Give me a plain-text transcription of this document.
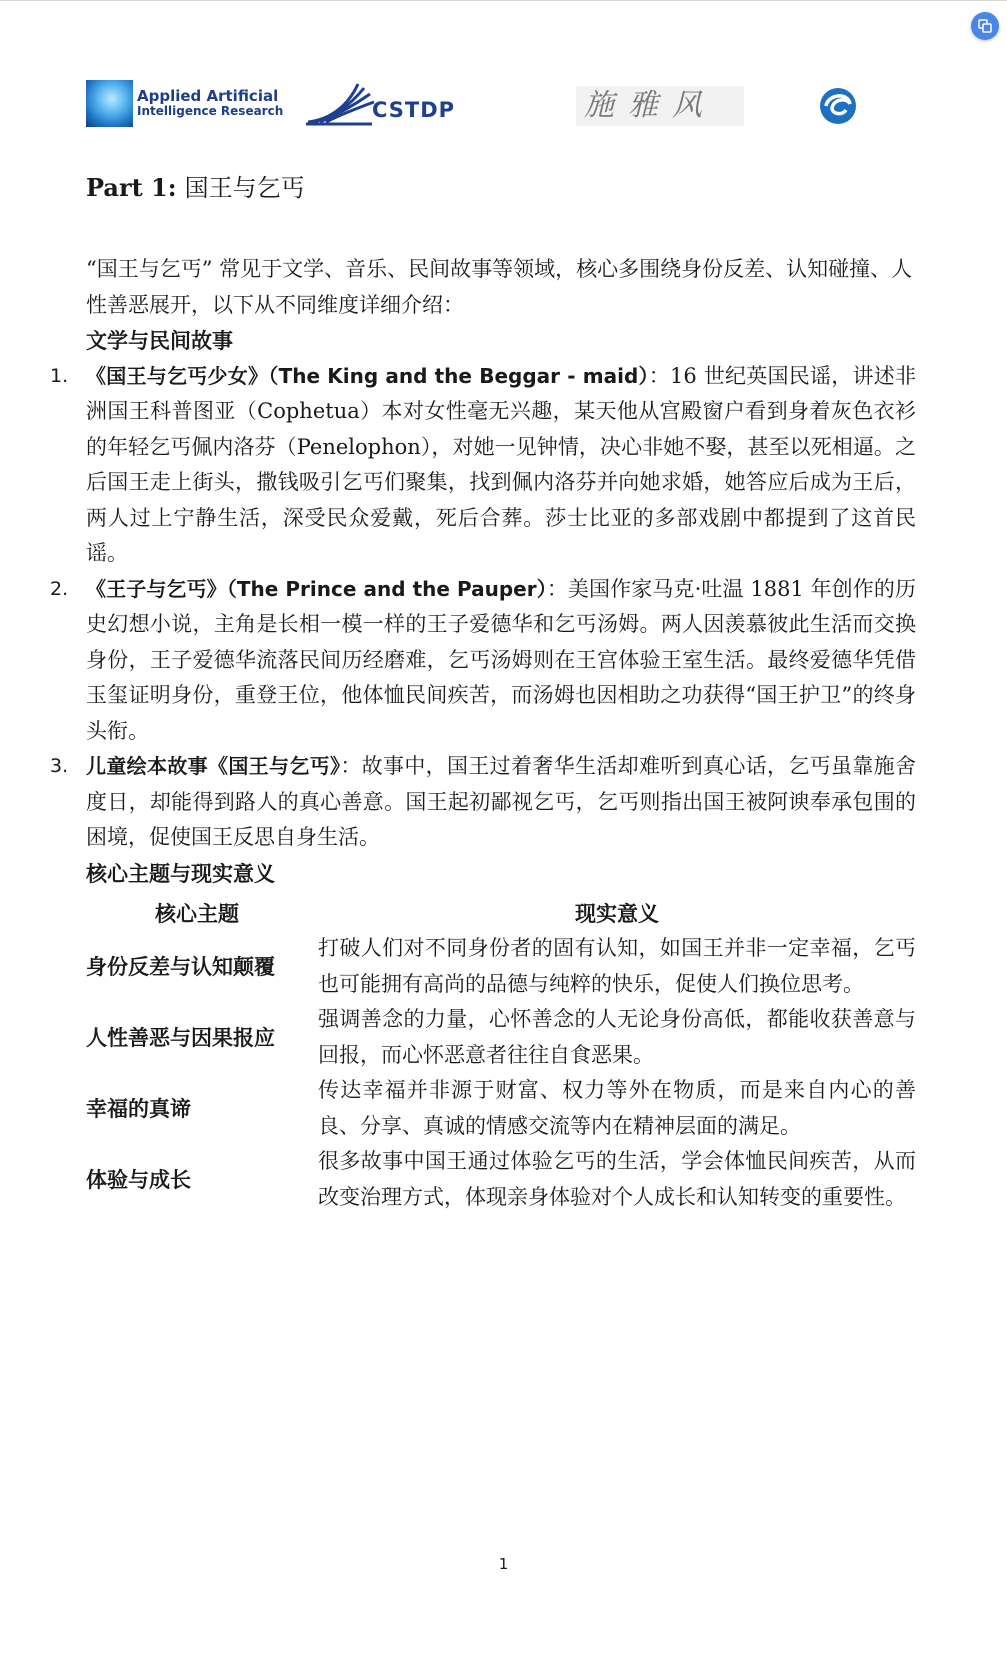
Applied Artificial
Intelligence Research	CSTDP	施雅风
Part 1: 国王与乞丐

“国王与乞丐” 常见于文学、音乐、民间故事等领域，核心多围绕身份反差、认知碰撞、人性善恶展开，以下从不同维度详细介绍：

文学与民间故事

1. 《国王与乞丐少女》（The King and the Beggar - maid）：16 世纪英国民谣，讲述非洲国王科普图亚（Cophetua）本对女性毫无兴趣，某天他从宫殿窗户看到身着灰色衣衫的年轻乞丐佩内洛芬（Penelophon），对她一见钟情，决心非她不娶，甚至以死相逼。之后国王走上街头，撒钱吸引乞丐们聚集，找到佩内洛芬并向她求婚，她答应后成为王后，两人过上宁静生活，深受民众爱戴，死后合葬。莎士比亚的多部戏剧中都提到了这首民谣。
2. 《王子与乞丐》（The Prince and the Pauper）：美国作家马克·吐温 1881 年创作的历史幻想小说，主角是长相一模一样的王子爱德华和乞丐汤姆。两人因羡慕彼此生活而交换身份，王子爱德华流落民间历经磨难，乞丐汤姆则在王宫体验王室生活。最终爱德华凭借玉玺证明身份，重登王位，他体恤民间疾苦，而汤姆也因相助之功获得“国王护卫”的终身头衔。
3. 儿童绘本故事《国王与乞丐》：故事中，国王过着奢华生活却难听到真心话，乞丐虽靠施舍度日，却能得到路人的真心善意。国王起初鄙视乞丐，乞丐则指出国王被阿谀奉承包围的困境，促使国王反思自身生活。

核心主题与现实意义

核心主题	现实意义
身份反差与认知颠覆	打破人们对不同身份者的固有认知，如国王并非一定幸福，乞丐也可能拥有高尚的品德与纯粹的快乐，促使人们换位思考。
人性善恶与因果报应	强调善念的力量，心怀善念的人无论身份高低，都能收获善意与回报，而心怀恶意者往往自食恶果。
幸福的真谛	传达幸福并非源于财富、权力等外在物质，而是来自内心的善良、分享、真诚的情感交流等内在精神层面的满足。
体验与成长	很多故事中国王通过体验乞丐的生活，学会体恤民间疾苦，从而改变治理方式，体现亲身体验对个人成长和认知转变的重要性。
1
